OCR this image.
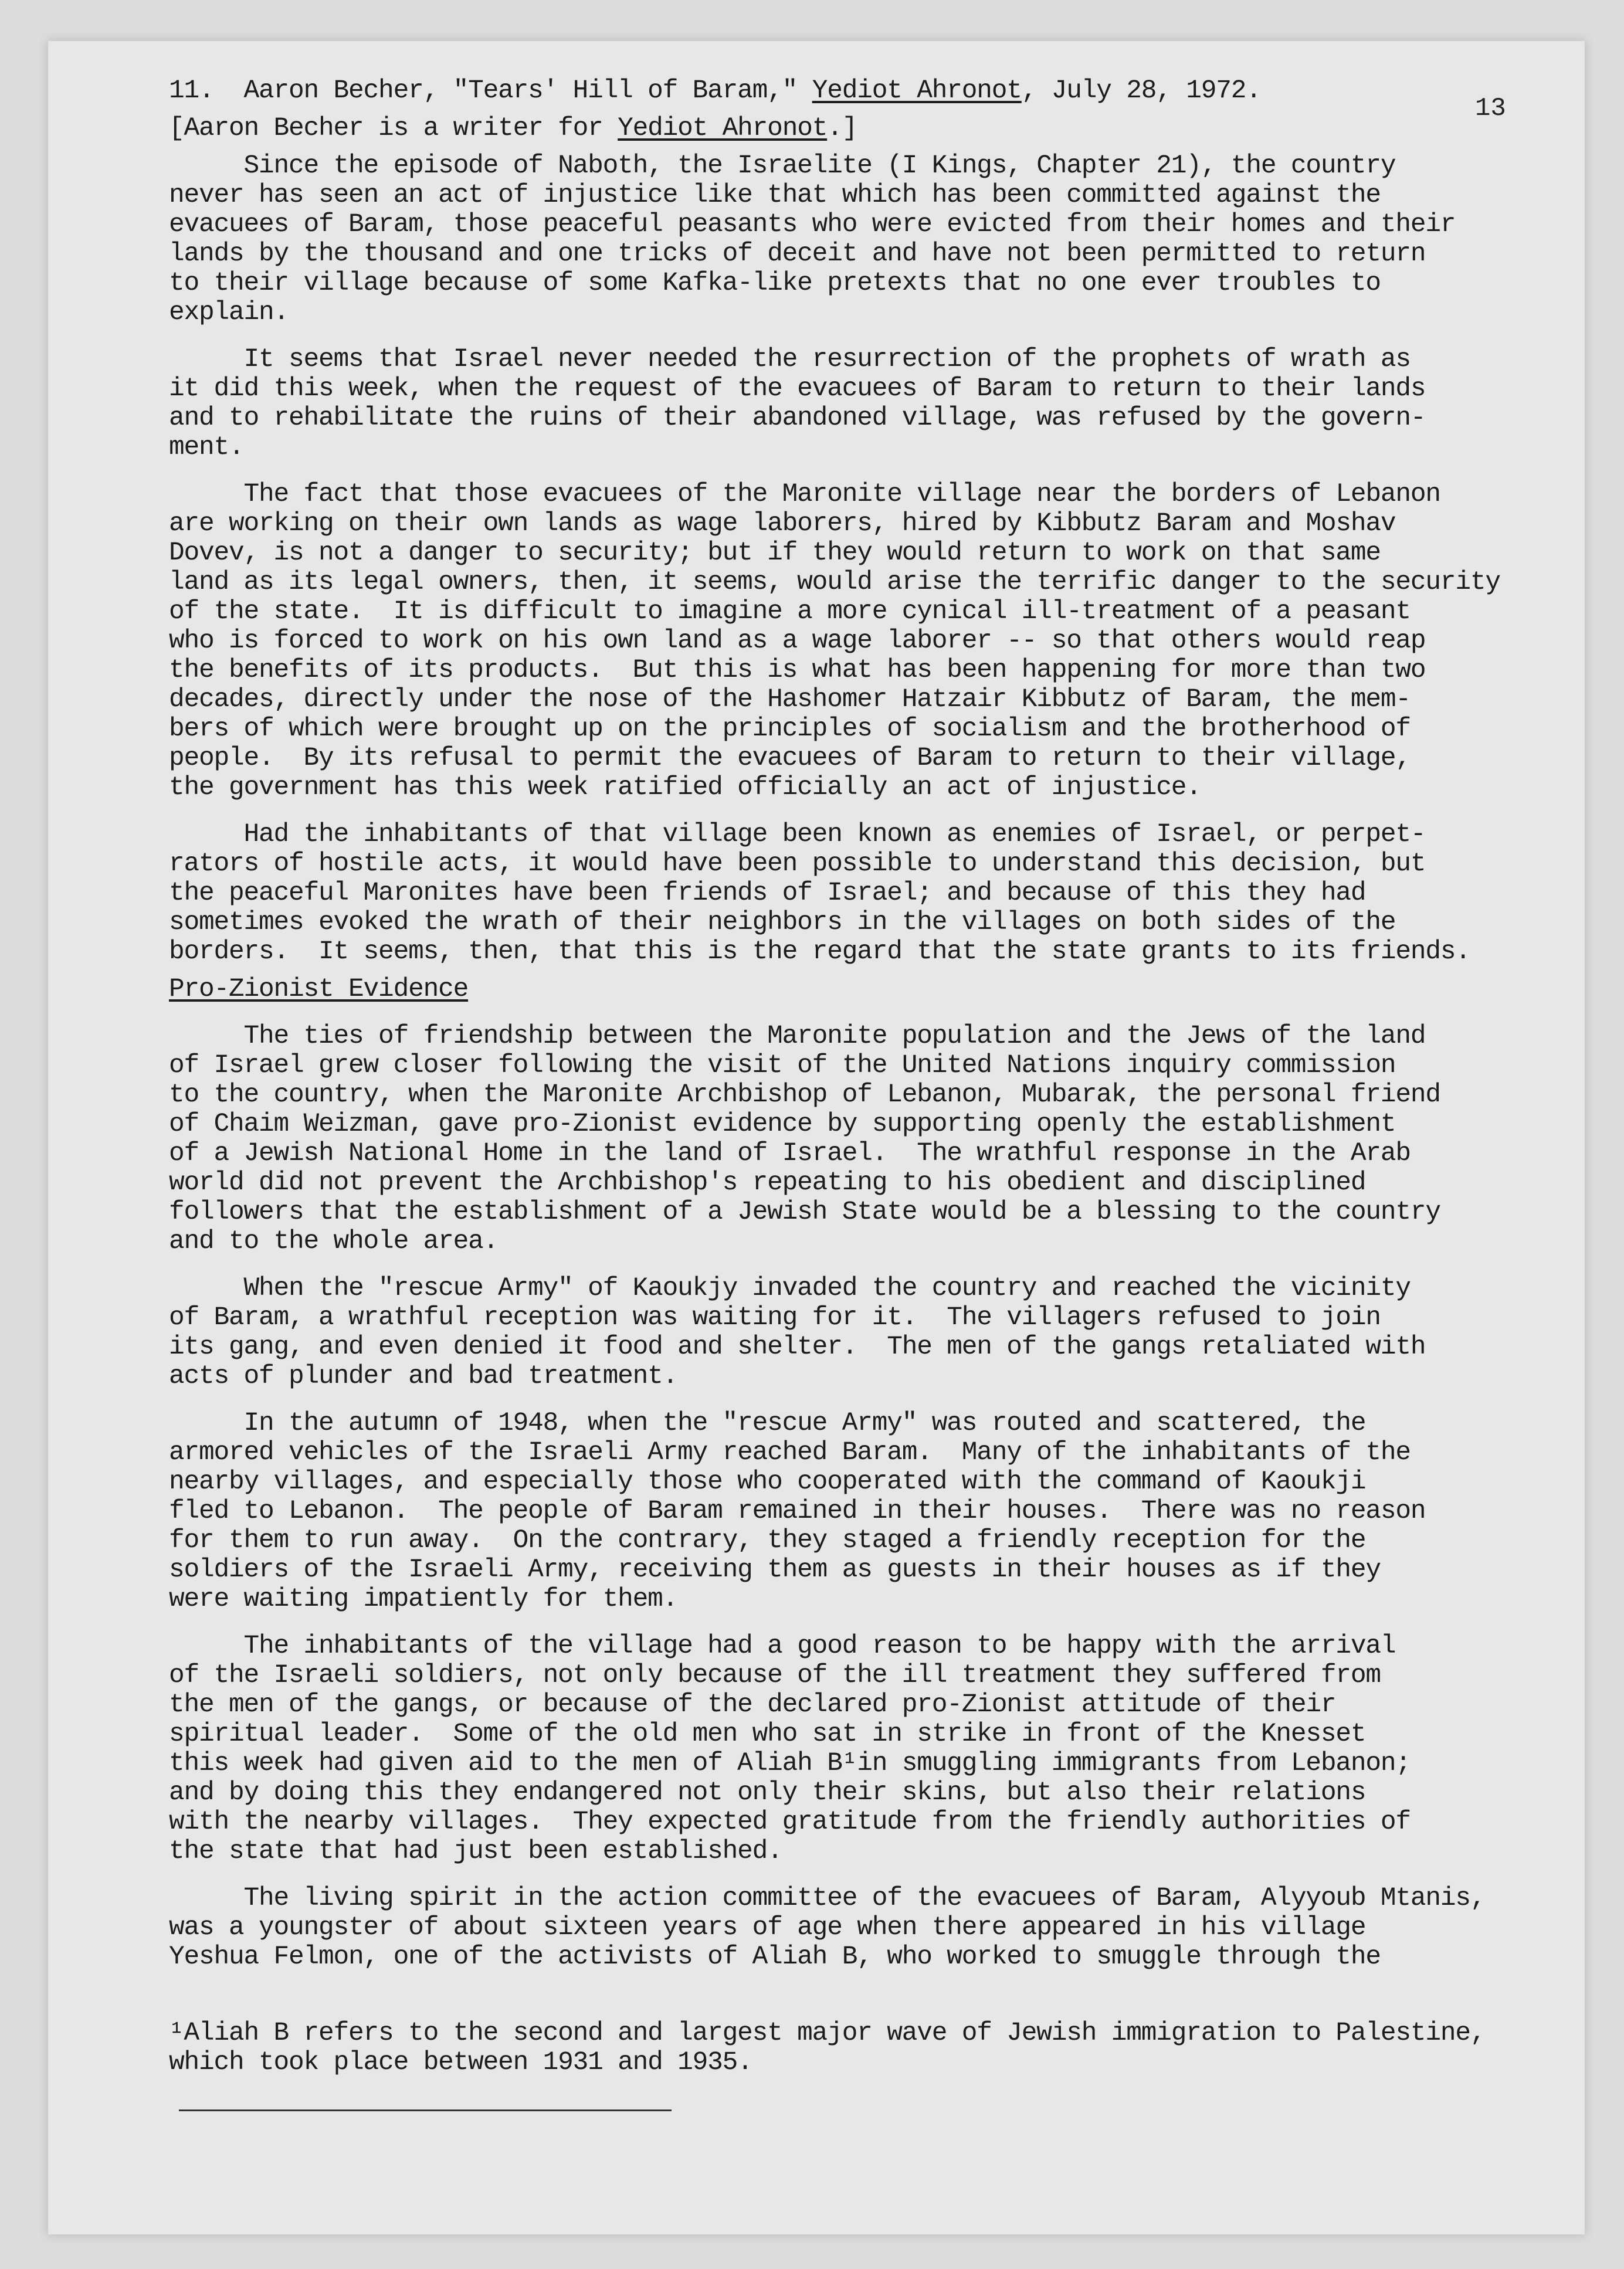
13

11.  Aaron Becher, "Tears' Hill of Baram," Yediot Ahronot, July 28, 1972.

[Aaron Becher is a writer for Yediot Ahronot.]

Since the episode of Naboth, the Israelite (I Kings, Chapter 21), the country

never has seen an act of injustice like that which has been committed against the

evacuees of Baram, those peaceful peasants who were evicted from their homes and their

lands by the thousand and one tricks of deceit and have not been permitted to return

to their village because of some Kafka-like pretexts that no one ever troubles to

explain.

It seems that Israel never needed the resurrection of the prophets of wrath as

it did this week, when the request of the evacuees of Baram to return to their lands

and to rehabilitate the ruins of their abandoned village, was refused by the govern-

ment.

The fact that those evacuees of the Maronite village near the borders of Lebanon

are working on their own lands as wage laborers, hired by Kibbutz Baram and Moshav

Dovev, is not a danger to security; but if they would return to work on that same

land as its legal owners, then, it seems, would arise the terrific danger to the security

of the state.  It is difficult to imagine a more cynical ill-treatment of a peasant

who is forced to work on his own land as a wage laborer -- so that others would reap

the benefits of its products.  But this is what has been happening for more than two

decades, directly under the nose of the Hashomer Hatzair Kibbutz of Baram, the mem-

bers of which were brought up on the principles of socialism and the brotherhood of

people.  By its refusal to permit the evacuees of Baram to return to their village,

the government has this week ratified officially an act of injustice.

Had the inhabitants of that village been known as enemies of Israel, or perpet-

rators of hostile acts, it would have been possible to understand this decision, but

the peaceful Maronites have been friends of Israel; and because of this they had

sometimes evoked the wrath of their neighbors in the villages on both sides of the

borders.  It seems, then, that this is the regard that the state grants to its friends.

Pro-Zionist Evidence

The ties of friendship between the Maronite population and the Jews of the land

of Israel grew closer following the visit of the United Nations inquiry commission

to the country, when the Maronite Archbishop of Lebanon, Mubarak, the personal friend

of Chaim Weizman, gave pro-Zionist evidence by supporting openly the establishment

of a Jewish National Home in the land of Israel.  The wrathful response in the Arab

world did not prevent the Archbishop's repeating to his obedient and disciplined

followers that the establishment of a Jewish State would be a blessing to the country

and to the whole area.

When the "rescue Army" of Kaoukjy invaded the country and reached the vicinity

of Baram, a wrathful reception was waiting for it.  The villagers refused to join

its gang, and even denied it food and shelter.  The men of the gangs retaliated with

acts of plunder and bad treatment.

In the autumn of 1948, when the "rescue Army" was routed and scattered, the

armored vehicles of the Israeli Army reached Baram.  Many of the inhabitants of the

nearby villages, and especially those who cooperated with the command of Kaoukji

fled to Lebanon.  The people of Baram remained in their houses.  There was no reason

for them to run away.  On the contrary, they staged a friendly reception for the

soldiers of the Israeli Army, receiving them as guests in their houses as if they

were waiting impatiently for them.

The inhabitants of the village had a good reason to be happy with the arrival

of the Israeli soldiers, not only because of the ill treatment they suffered from

the men of the gangs, or because of the declared pro-Zionist attitude of their

spiritual leader.  Some of the old men who sat in strike in front of the Knesset

this week had given aid to the men of Aliah B¹in smuggling immigrants from Lebanon;

and by doing this they endangered not only their skins, but also their relations

with the nearby villages.  They expected gratitude from the friendly authorities of

the state that had just been established.

The living spirit in the action committee of the evacuees of Baram, Alyyoub Mtanis,

was a youngster of about sixteen years of age when there appeared in his village

Yeshua Felmon, one of the activists of Aliah B, who worked to smuggle through the

¹Aliah B refers to the second and largest major wave of Jewish immigration to Palestine,

which took place between 1931 and 1935.
